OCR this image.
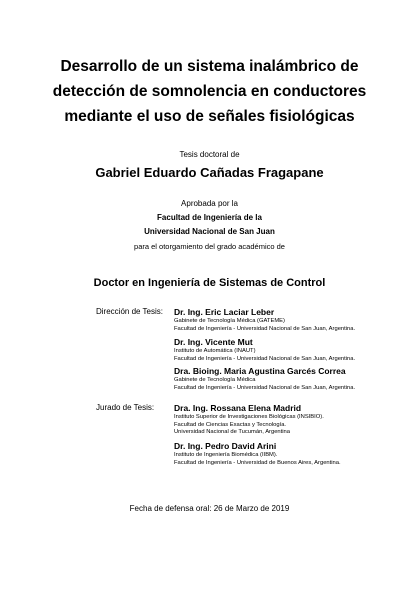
Desarrollo de un sistema inalámbrico de
detección de somnolencia en conductores
mediante el uso de señales fisiológicas

Tesis doctoral de

Gabriel Eduardo Cañadas Fragapane

Aprobada por la

Facultad de Ingeniería de la

Universidad Nacional de San Juan

para el otorgamiento del grado académico de

Doctor en Ingeniería de Sistemas de Control

Dirección de Tesis: Dr. Ing. Eric Laciar Leber
Gabinete de Tecnología Médica (GATEME)
Facultad de Ingeniería - Universidad Nacional de San Juan, Argentina.
Dr. Ing. Vicente Mut
Instituto de Automática (INAUT)
Facultad de Ingeniería - Universidad Nacional de San Juan, Argentina.
Dra. Bioing. Maria Agustina Garcés Correa
Gabinete de Tecnología Médica
Facultad de Ingeniería - Universidad Nacional de San Juan, Argentina.
Jurado de Tesis: Dra. Ing. Rossana Elena Madrid
Instituto Superior de Investigaciones Biológicas (INSIBIO).
Facultad de Ciencias Exactas y Tecnología.
Universidad Nacional de Tucumán, Argentina
Dr. Ing. Pedro David Arini
Instituto de Ingeniería Biomédica (IIBM).
Facultad de Ingeniería - Universidad de Buenos Aires, Argentina.

Fecha de defensa oral: 26 de Marzo de 2019
